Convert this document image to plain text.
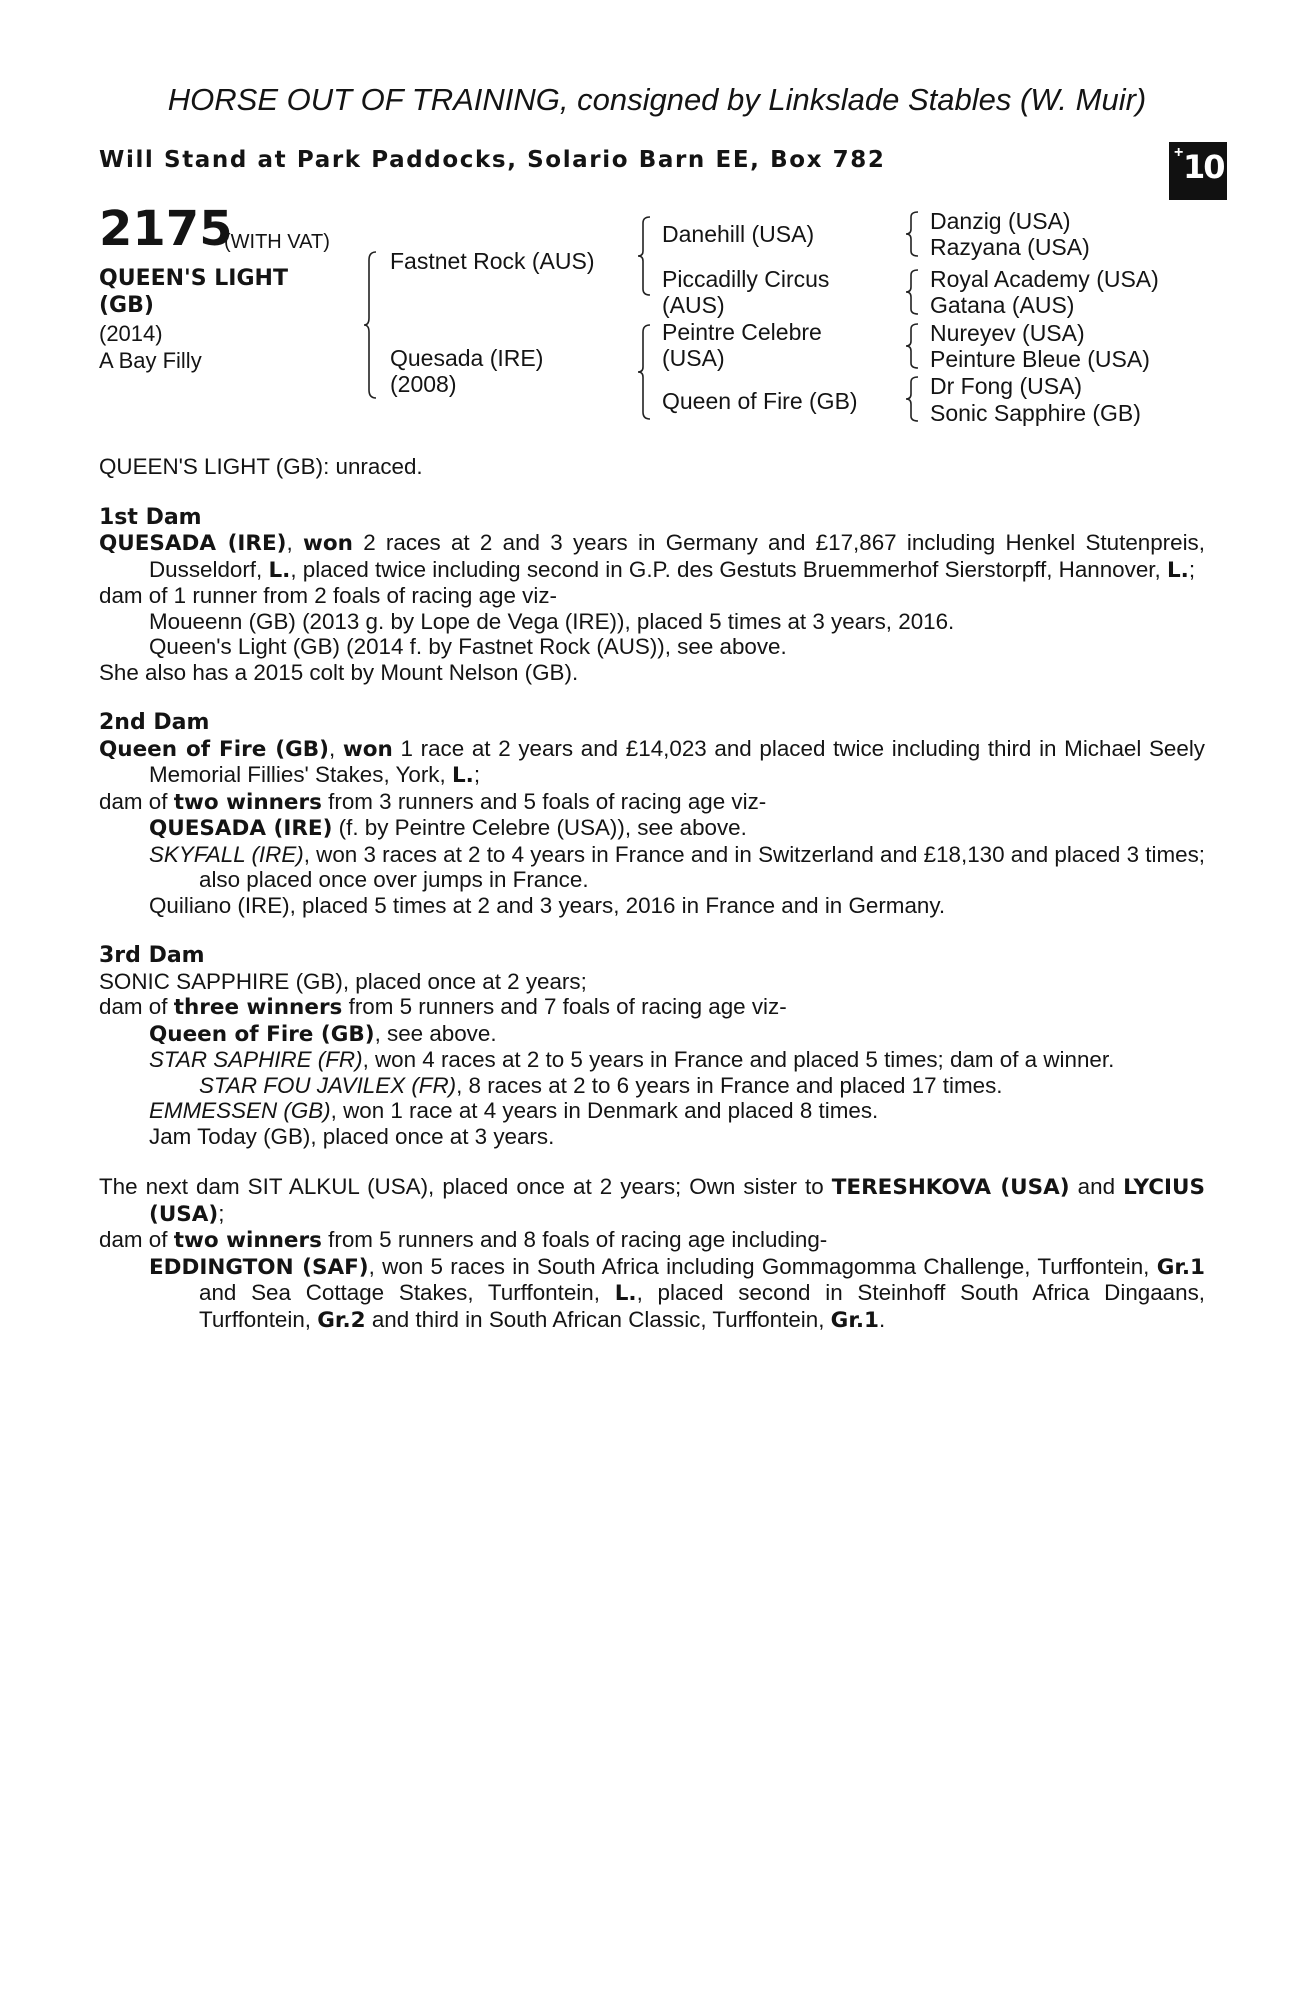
HORSE OUT OF TRAINING, consigned by Linkslade Stables (W. Muir)
Will Stand at Park Paddocks, Solario Barn EE, Box 782	+ 10
2175
(WITH VAT)
QUEEN'S LIGHT
(GB)
(2014)
A Bay Filly
Fastnet Rock (AUS)
Quesada (IRE) (2008)
Danehill (USA)
Piccadilly Circus (AUS)
Peintre Celebre (USA)
Queen of Fire (GB)
Danzig (USA)
Razyana (USA)
Royal Academy (USA)
Gatana (AUS)
Nureyev (USA)
Peinture Bleue (USA)
Dr Fong (USA)
Sonic Sapphire (GB)

QUEEN'S LIGHT (GB): unraced.

1st Dam
QUESADA (IRE), won 2 races at 2 and 3 years in Germany and £17,867 including Henkel Stutenpreis, Dusseldorf, L., placed twice including second in G.P. des Gestuts Bruemmerhof Sierstorpff, Hannover, L.;
dam of 1 runner from 2 foals of racing age viz-
Moueenn (GB) (2013 g. by Lope de Vega (IRE)), placed 5 times at 3 years, 2016.
Queen's Light (GB) (2014 f. by Fastnet Rock (AUS)), see above.
She also has a 2015 colt by Mount Nelson (GB).
2nd Dam
Queen of Fire (GB), won 1 race at 2 years and £14,023 and placed twice including third in Michael Seely Memorial Fillies' Stakes, York, L.;
dam of two winners from 3 runners and 5 foals of racing age viz-
QUESADA (IRE) (f. by Peintre Celebre (USA)), see above.
SKYFALL (IRE), won 3 races at 2 to 4 years in France and in Switzerland and £18,130 and placed 3 times; also placed once over jumps in France.
Quiliano (IRE), placed 5 times at 2 and 3 years, 2016 in France and in Germany.
3rd Dam
SONIC SAPPHIRE (GB), placed once at 2 years;
dam of three winners from 5 runners and 7 foals of racing age viz-
Queen of Fire (GB), see above.
STAR SAPHIRE (FR), won 4 races at 2 to 5 years in France and placed 5 times; dam of a winner.
STAR FOU JAVILEX (FR), 8 races at 2 to 6 years in France and placed 17 times.
EMMESSEN (GB), won 1 race at 4 years in Denmark and placed 8 times.
Jam Today (GB), placed once at 3 years.
The next dam SIT ALKUL (USA), placed once at 2 years; Own sister to TERESHKOVA (USA) and LYCIUS (USA);
dam of two winners from 5 runners and 8 foals of racing age including-
EDDINGTON (SAF), won 5 races in South Africa including Gommagomma Challenge, Turffontein, Gr.1 and Sea Cottage Stakes, Turffontein, L., placed second in Steinhoff South Africa Dingaans, Turffontein, Gr.2 and third in South African Classic, Turffontein, Gr.1.
